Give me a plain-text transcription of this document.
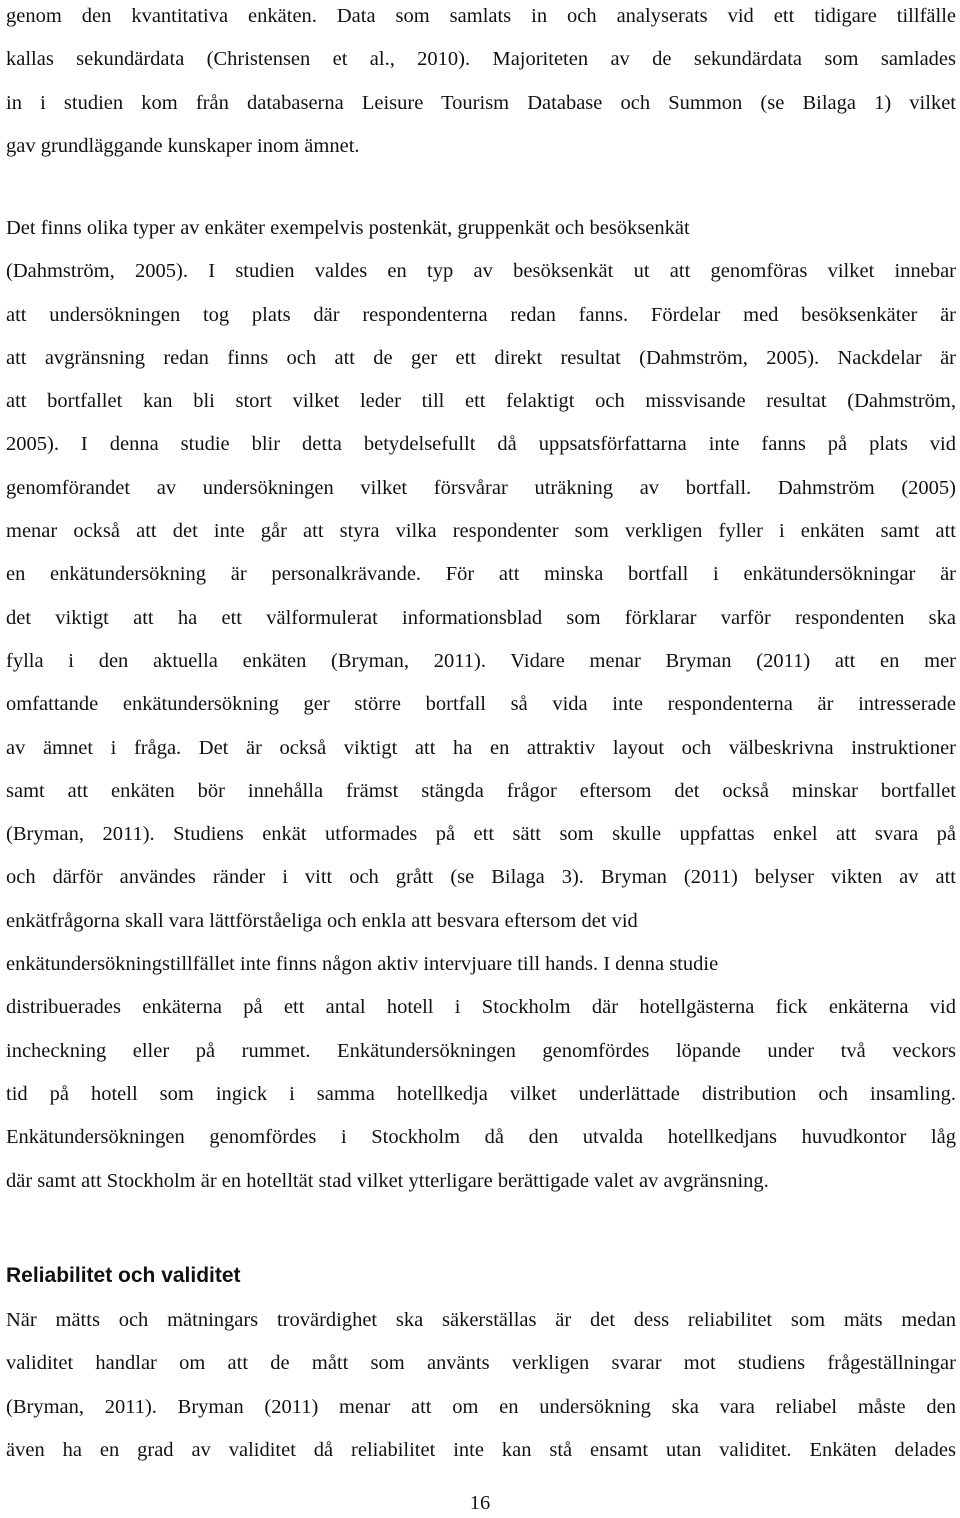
genom den kvantitativa enkäten. Data som samlats in och analyserats vid ett tidigare tillfälle
kallas sekundärdata (Christensen et al., 2010). Majoriteten av de sekundärdata som samlades
in i studien kom från databaserna Leisure Tourism Database och Summon (se Bilaga 1) vilket
gav grundläggande kunskaper inom ämnet.
Det finns olika typer av enkäter exempelvis postenkät, gruppenkät och besöksenkät
(Dahmström, 2005). I studien valdes en typ av besöksenkät ut att genomföras vilket innebar
att undersökningen tog plats där respondenterna redan fanns. Fördelar med besöksenkäter är
att avgränsning redan finns och att de ger ett direkt resultat (Dahmström, 2005). Nackdelar är
att bortfallet kan bli stort vilket leder till ett felaktigt och missvisande resultat (Dahmström,
2005). I denna studie blir detta betydelsefullt då uppsatsförfattarna inte fanns på plats vid
genomförandet av undersökningen vilket försvårar uträkning av bortfall. Dahmström (2005)
menar också att det inte går att styra vilka respondenter som verkligen fyller i enkäten samt att
en enkätundersökning är personalkrävande. För att minska bortfall i enkätundersökningar är
det viktigt att ha ett välformulerat informationsblad som förklarar varför respondenten ska
fylla i den aktuella enkäten (Bryman, 2011). Vidare menar Bryman (2011) att en mer
omfattande enkätundersökning ger större bortfall så vida inte respondenterna är intresserade
av ämnet i fråga. Det är också viktigt att ha en attraktiv layout och välbeskrivna instruktioner
samt att enkäten bör innehålla främst stängda frågor eftersom det också minskar bortfallet
(Bryman, 2011). Studiens enkät utformades på ett sätt som skulle uppfattas enkel att svara på
och därför användes ränder i vitt och grått (se Bilaga 3). Bryman (2011) belyser vikten av att
enkätfrågorna skall vara lättförståeliga och enkla att besvara eftersom det vid
enkätundersökningstillfället inte finns någon aktiv intervjuare till hands. I denna studie
distribuerades enkäterna på ett antal hotell i Stockholm där hotellgästerna fick enkäterna vid
incheckning eller på rummet. Enkätundersökningen genomfördes löpande under två veckors
tid på hotell som ingick i samma hotellkedja vilket underlättade distribution och insamling.
Enkätundersökningen genomfördes i Stockholm då den utvalda hotellkedjans huvudkontor låg
där samt att Stockholm är en hotelltät stad vilket ytterligare berättigade valet av avgränsning.
Reliabilitet och validitet
När mätts och mätningars trovärdighet ska säkerställas är det dess reliabilitet som mäts medan
validitet handlar om att de mått som använts verkligen svarar mot studiens frågeställningar
(Bryman, 2011). Bryman (2011) menar att om en undersökning ska vara reliabel måste den
även ha en grad av validitet då reliabilitet inte kan stå ensamt utan validitet. Enkäten delades
16
